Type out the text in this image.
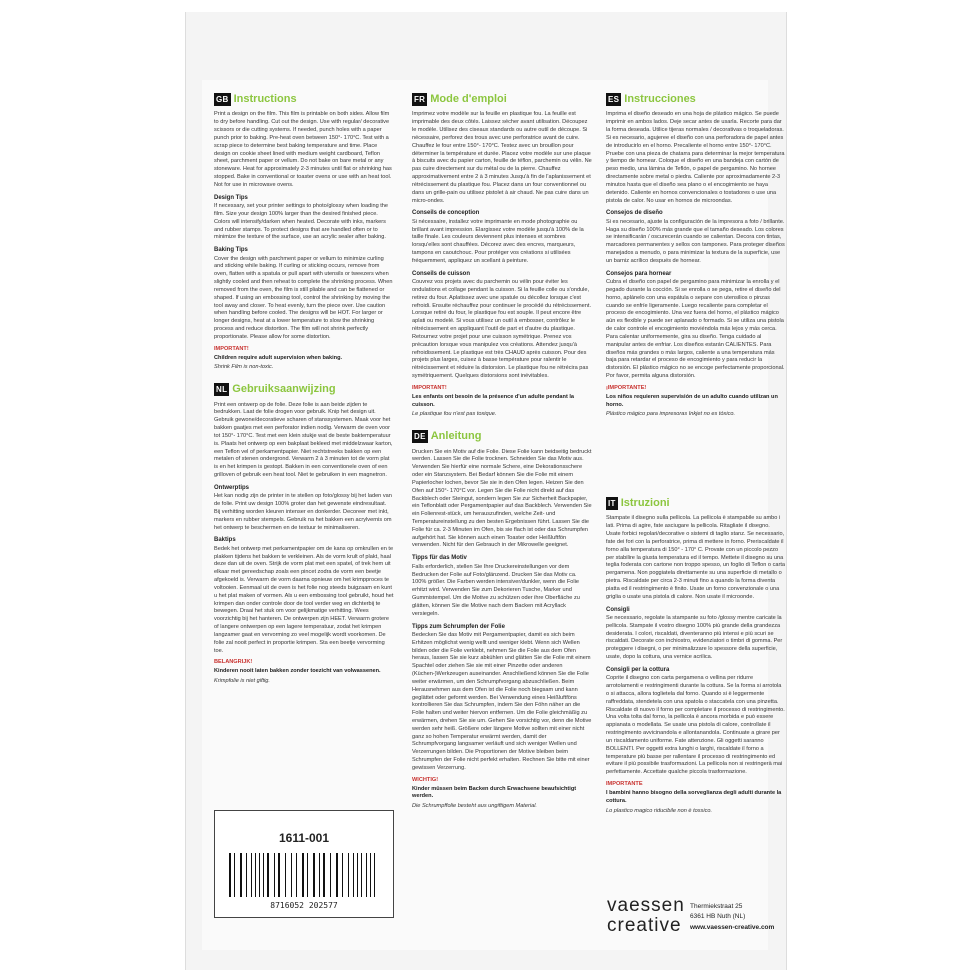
GB Instructions

Print a design on the film. This film is printable on both sides. Allow film to dry before handling. Cut out the design. Use with regular/ decorative scissors or die cutting systems. If needed, punch holes with a paper punch prior to baking. Pre-heat oven between 150°- 170°C. Test with a scrap piece to determine best baking temperature and time. Place design on cookie sheet lined with medium weight cardboard, Teflon sheet, parchment paper or vellum. Do not bake on bare metal or any stoneware. Heat for approximately 2-3 minutes until flat or shrinking has stopped. Bake in conventional or toaster ovens or use with an heat tool. Not for use in microwave ovens.

Design Tips

If necessary, set your printer settings to photo/glossy when loading the film. Size your design 100% larger than the desired finished piece. Colors will intensify/darken when heated. Decorate with inks, markers and rubber stamps. To protect designs that are handled often or to minimize the texture of the surface, use an acrylic sealer after baking.

Baking Tips

Cover the design with parchment paper or vellum to minimize curling and sticking while baking. If curling or sticking occurs, remove from oven, flatten with a spatula or pull apart with utensils or tweezers when slightly cooled and then reheat to complete the shrinking process. When removed from the oven, the film is still pliable and can be flattened or shaped. If using an embossing tool, control the shrinking by moving the tool away and closer. To heat evenly, turn the piece over. Use caution when handling before cooled. The designs will be HOT. For larger or longer designs, heat at a lower temperature to slow the shrinking process and reduce distortion. The film will not shrink perfectly proportionate. Please allow for some distortion.

IMPORTANT!

Children require adult supervision when baking.

Shrink Film is non-toxic.

NL Gebruiksaanwijzing

Print een ontwerp op de folie. Deze folie is aan beide zijden te bedrukken. Laat de folie drogen voor gebruik. Knip het design uit. Gebruik gewone/decoratieve scharen of stanssystemen. Maak voor het bakken gaatjes met een perforator indien nodig. Verwarm de oven voor tot 150°- 170°C. Test met een klein stukje wat de beste baktemperatuur is. Plaats het ontwerp op een bakplaat bekleed met middelzwaar karton, een Teflon vel of perkamentpapier. Niet rechtstreeks bakken op een metalen of stenen ondergrond. Verwarm 2 à 3 minuten tot de vorm plat is en het krimpen is gestopt. Bakken in een conventionele oven of een grilloven of gebruik een heat tool. Niet te gebruiken in een magnetron.

Ontwerptips

Het kan nodig zijn de printer in te stellen op foto/glossy bij het laden van de folie. Print uw design 100% groter dan het gewenste eindresultaat. Bij verhitting worden kleuren intenser en donkerder. Decoreer met inkt, markers en rubber stempels. Gebruik na het bakken een acrylvernis om het ontwerp te beschermen en de textuur te minimaliseren.

Baktips

Bedek het ontwerp met perkamentpapier om de kans op omkrullen en te plakken tijdens het bakken te verkleinen. Als de vorm krult of plakt, haal deze dan uit de oven. Strijk de vorm plat met een spatel, of trek hem uit elkaar met gereedschap zoals een pincet zodra de vorm een beetje afgekoeld is. Verwarm de vorm daarna opnieuw om het krimpproces te voltooien. Eenmaal uit de oven is het folie nog steeds buigzaam en kunt u het plat maken of vormen. Als u een embossing tool gebruikt, houd het krimpen dan onder controle door de tool verder weg en dichterbij te bewegen. Draai het stuk om voor gelijkmatige verhitting. Wees voorzichtig bij het hanteren. De ontwerpen zijn HEET. Verwarm grotere of langere ontwerpen op een lagere temperatuur, zodat het krimpen langzamer gaat en vervorming zo veel mogelijk wordt voorkomen. De folie zal nooit perfect in proportie krimpen. Sta een beetje vervorming toe.

BELANGRIJK!

Kinderen nooit laten bakken zonder toezicht van volwassenen.

Krimpfolie is niet giftig.

FR Mode d'emploi

Imprimez votre modèle sur la feuille en plastique fou. La feuille est imprimable des deux côtés. Laissez sécher avant utilisation. Découpez le modèle. Utilisez des ciseaux standards ou autre outil de découpe. Si nécessaire, perforez des trous avec une perforatrice avant de cuire. Chauffez le four entre 150°- 170°C. Testez avec un brouillon pour déterminer la température et durée. Placez votre modèle sur une plaque à biscuits avec du papier carton, feuille de téflon, parchemin ou vélin. Ne pas cuire directement sur du métal ou de la pierre. Chauffez approximativement entre 2 à 3 minutes Jusqu'à fin de l'aplanissement et rétrécissement du plastique fou. Placez dans un four conventionnel ou dans un grille-pain ou utilisez pistolet à air chaud. Ne pas cuire dans un micro-ondes.

Conseils de conception

Si nécessaire, installez votre imprimante en mode photographie ou brillant avant impression. Elargissez votre modèle jusqu'à 100% de la taille finale. Les couleurs deviennent plus intenses et sombres lorsqu'elles sont chauffées. Décorez avec des encres, marqueurs, tampons en caoutchouc. Pour protéger vos créations si utilisées fréquemment, appliquez un scellant à peinture.

Conseils de cuisson

Couvrez vos projets avec du parchemin ou vélin pour éviter les ondulations et collage pendant la cuisson. Si la feuille colle ou s'ondule, retirez du four. Aplatissez avec une spatule ou décollez lorsque c'est refroidi. Ensuite réchauffez pour continuer le procédé du rétrécissement. Lorsque retiré du four, le plastique fou est souple. Il peut encore être aplati ou modelé. Si vous utilisez un outil à embosser, contrôlez le rétrécissement en appliquant l'outil de part et d'autre du plastique. Retournez votre projet pour une cuisson symétrique. Prenez vos précaution lorsque vous manipulez vos créations. Attendez jusqu'à refroidissement. Le plastique est très CHAUD après cuisson. Pour des projets plus larges, cuisez à basse température pour ralentir le rétrécissement et réduire la distorsion. Le plastique fou ne rétrécira pas symétriquement. Quelques distorsions sont inévitables.

IMPORTANT!

Les enfants ont besoin de la présence d'un adulte pendant la cuisson.

Le plastique fou n'est pas toxique.

DE Anleitung

Drucken Sie ein Motiv auf die Folie. Diese Folie kann beidseitig bedruckt werden. Lassen Sie die Folie trocknen. Schneiden Sie das Motiv aus. Verwenden Sie hierfür eine normale Schere, eine Dekorationsschere oder ein Stanzsystem. Bei Bedarf können Sie die Folie mit einem Papierlocher lochen, bevor Sie sie in den Ofen legen. Heizen Sie den Ofen auf 150°- 170°C vor. Legen Sie die Folie nicht direkt auf das Backblech oder Steingut, sondern legen Sie zur Sicherheit Backpapier, ein Teflonblatt oder Pergamentpapier auf das Backblech. Verwenden Sie ein Folienrest-stück, um herauszufinden, welche Zeit- und Temperatureinstellung zu den besten Ergebnissen führt. Lassen Sie die Folie für ca. 2-3 Minuten im Ofen, bis sie flach ist oder das Schrumpfen aufgehört hat. Sie können auch einen Toaster oder Heißluftfön verwenden. Nicht für den Gebrauch in der Mikrowelle geeignet.

Tipps für das Motiv

Falls erforderlich, stellen Sie Ihre Druckereinstellungen vor dem Bedrucken der Folie auf Foto/glänzend. Drucken Sie das Motiv ca. 100% größer. Die Farben werden intensiver/dunkler, wenn die Folie erhitzt wird. Verwenden Sie zum Dekorieren Tusche, Marker und Gummistempel. Um die Motive zu schützen oder ihre Oberfläche zu glätten, können Sie die Motive nach dem Backen mit Acryllack versiegeln.

Tipps zum Schrumpfen der Folie

Bedecken Sie das Motiv mit Pergamentpapier, damit es sich beim Erhitzen möglichst wenig wellt und weniger klebt. Wenn sich Wellen bilden oder die Folie verklebt, nehmen Sie die Folie aus dem Ofen heraus, lassen Sie sie kurz abkühlen und glätten Sie die Folie mit einem Spachtel oder ziehen Sie sie mit einer Pinzette oder anderen (Küchen-)Werkzeugen auseinander. Anschließend können Sie die Folie weiter erwärmen, um den Schrumpfvorgang abzuschließen. Beim Herausnehmen aus dem Ofen ist die Folie noch biegsam und kann geglättet oder geformt werden. Bei Verwendung eines Heißluftföns kontrollieren Sie das Schrumpfen, indem Sie den Föhn näher an die Folie halten und weiter hiervon entfernen. Um die Folie gleichmäßig zu erwärmen, drehen Sie sie um. Gehen Sie vorsichtig vor, denn die Motive werden sehr heiß. Größere oder längere Motive sollten mit einer nicht ganz so hohen Temperatur erwärmt werden, damit der Schrumpfvorgang langsamer verläuft und sich weniger Wellen und Verzerrungen bilden. Die Proportionen der Motive bleiben beim Schrumpfen der Folie nicht perfekt erhalten. Rechnen Sie bitte mit einer gewissen Verzerrung.

WICHTIG!

Kinder müssen beim Backen durch Erwachsene beaufsichtigt werden.

Die Schrumpffolie besteht aus ungiftigem Material.

ES Instrucciones

Imprima el diseño deseado en una hoja de plástico mágico. Se puede imprimir en ambos lados. Deje secar antes de usarla. Recorte para dar la forma deseada. Utilice tijeras normales / decorativas o troqueladoras. Si es necesario, agujeree el diseño con una perforadora de papel antes de introducirlo en el horno. Precaliente el horno entre 150°- 170°C. Pruebe con una pieza de chatarra para determinar la mejor temperatura y tiempo de hornear. Coloque el diseño en una bandeja con cartón de peso medio, una lámina de Teflón, o papel de pergamino. No hornee directamente sobre metal o piedra. Caliente por aproximadamente 2-3 minutos hasta que el diseño sea plano o el encogimiento se haya detenido. Caliente en hornos convencionales o tostadores o use una pistola de calor. No usar en hornos de microondas.

Consejos de diseño

Si es necesario, ajuste la configuración de la impresora a foto / brillante. Haga su diseño 100% más grande que el tamaño deseado. Los colores se intensificarán / oscurecerán cuando se calientan. Decora con tintas, marcadores permanentes y sellos con tampones. Para proteger diseños manejados a menudo, o para minimizar la textura de la superficie, use un barniz acrílico después de hornear.

Consejos para hornear

Cubra el diseño con papel de pergamino para minimizar la enrolla y el pegado durante la cocción. Si se enrolla o se pega, retire el diseño del horno, aplánelo con una espátula o separe con utensilios o pinzas cuando se enfríe ligeramente. Luego recaliente para completar el proceso de encogimiento. Una vez fuera del horno, el plástico mágico aún es flexible y puede ser aplanado o formado. Si se utiliza una pistola de calor controle el encogimiento moviéndola más lejos y más cerca. Para calentar uniformemente, gira su diseño. Tenga cuidado al manipular antes de enfriar. Los diseños estarán CALIENTES. Para diseños más grandes o más largos, caliente a una temperatura más baja para retardar el proceso de encogimiento y para reducir la distorsión. El plástico mágico no se encoge perfectamente proporcional. Por favor, permita alguna distorsión.

¡IMPORTANTE!

Los niños requieren supervisión de un adulto cuando utilizan un horno.

Plástico mágico para impresoras Inkjet no es tóxico.

IT Istruzioni

Stampate il disegno sulla pellicola. La pellicola è stampabile su ambo i lati. Prima di agire, fate asciugare la pellicola. Ritagliate il disegno. Usate forbici regolari/decorative o sistemi di taglio stanz. Se necessario, fate dei fori con la perforatrice, prima di mettere in forno. Preriscaldate il forno alla temperatura di 150° - 170° C. Provate con un piccolo pezzo per stabilire la giusta temperatura ed il tempo. Mettete il disegno su una teglia foderata con cartone non troppo spesso, un foglio di Teflon o carta pergamena. Non poggiatela direttamente su una superficie di metallo o pietra. Riscaldate per circa 2-3 minuti fino a quando la forma diventa piatta ed il restringimento è finito. Usate un forno convenzionale o una griglia o usate una pistola di calore. Non usate il microonde.

Consigli

Se necessario, regolate la stampante su foto /glossy mentre caricate la pellicola. Stampate il vostro disegno 100% più grande della grandezza desiderata. I colori, riscaldati, diventeranno più intensi e più scuri se riscaldati. Decorate con inchiostro, evidenziatori o timbri di gomma. Per proteggere i disegni, o per minimalizzare lo spessore della superficie, usate, dopo la cottura, una vernice acrilica.

Consigli per la cottura

Coprite il disegno con carta pergamena o vellina per ridurre arrotolamenti e restringimenti durante la cottura. Se la forma si arrotola o si attacca, allora toglietela dal forno. Quando si è leggermente raffreddata, stendetela con una spatola o staccatela con una pinzetta. Riscaldate di nuovo il forno per completare il processo di restringimento. Una volta tolta dal forno, la pellicola è ancora morbida e può essere appianata o modellata. Se usate una pistola di calore, controllate il restringimento avvicinandola e allontanandola. Continuate a girare per un riscaldamento uniforme. Fate attenzione. Gli oggetti saranno BOLLENTI. Per oggetti extra lunghi o larghi, riscaldate il forno a temperature più basse per rallentare il processo di restringimento ed evitare il più possibile trasformazioni. La pellicola non si restringerà mai perfettamente. Accettate qualche piccola trasformazione.

IMPORTANTE

I bambini hanno bisogno della sorveglianza degli adulti durante la cottura.

Lo plastico magico riducibile non è tossico.

1611-001
8716052 202577	vaessen
creative
Thermiekstraat 25
6361 HB Nuth (NL)
www.vaessen-creative.com
